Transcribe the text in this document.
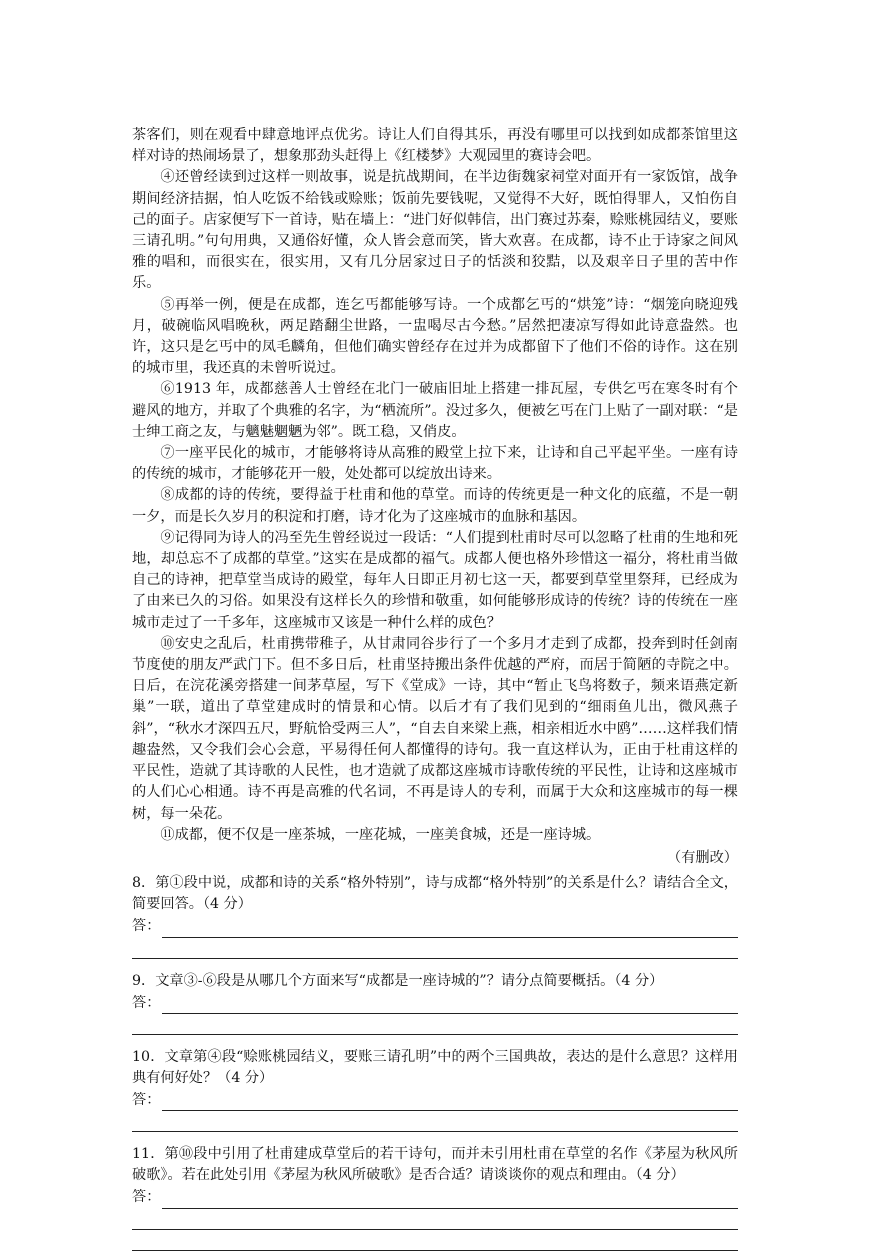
茶客们，则在观看中肆意地评点优劣。诗让人们自得其乐，再没有哪里可以找到如成都茶馆里这样对诗的热闹场景了，想象那劲头赶得上《红楼梦》大观园里的赛诗会吧。

④还曾经读到过这样一则故事，说是抗战期间，在半边街魏家祠堂对面开有一家饭馆，战争期间经济拮据，怕人吃饭不给钱或赊账；饭前先要钱呢，又觉得不大好，既怕得罪人，又怕伤自己的面子。店家便写下一首诗，贴在墙上：“进门好似韩信，出门赛过苏秦，赊账桃园结义，要账三请孔明。”句句用典，又通俗好懂，众人皆会意而笑，皆大欢喜。在成都，诗不止于诗家之间风雅的唱和，而很实在，很实用，又有几分居家过日子的恬淡和狡黠，以及艰辛日子里的苦中作乐。

⑤再举一例，便是在成都，连乞丐都能够写诗。一个成都乞丐的“烘笼”诗：“烟笼向晓迎残月，破碗临风唱晚秋，两足踏翻尘世路，一盅喝尽古今愁。”居然把凄凉写得如此诗意盎然。也许，这只是乞丐中的凤毛麟角，但他们确实曾经存在过并为成都留下了他们不俗的诗作。这在别的城市里，我还真的未曾听说过。

⑥1913 年，成都慈善人士曾经在北门一破庙旧址上搭建一排瓦屋，专供乞丐在寒冬时有个避风的地方，并取了个典雅的名字，为“栖流所”。没过多久，便被乞丐在门上贴了一副对联：“是士绅工商之友，与魑魅魍魉为邻”。既工稳，又俏皮。

⑦一座平民化的城市，才能够将诗从高雅的殿堂上拉下来，让诗和自己平起平坐。一座有诗的传统的城市，才能够花开一般，处处都可以绽放出诗来。

⑧成都的诗的传统，要得益于杜甫和他的草堂。而诗的传统更是一种文化的底蕴，不是一朝一夕，而是长久岁月的积淀和打磨，诗才化为了这座城市的血脉和基因。

⑨记得同为诗人的冯至先生曾经说过一段话：“人们提到杜甫时尽可以忽略了杜甫的生地和死地，却总忘不了成都的草堂。”这实在是成都的福气。成都人便也格外珍惜这一福分，将杜甫当做自己的诗神，把草堂当成诗的殿堂，每年人日即正月初七这一天，都要到草堂里祭拜，已经成为了由来已久的习俗。如果没有这样长久的珍惜和敬重，如何能够形成诗的传统？诗的传统在一座城市走过了一千多年，这座城市又该是一种什么样的成色？

⑩安史之乱后，杜甫携带稚子，从甘肃同谷步行了一个多月才走到了成都，投奔到时任剑南节度使的朋友严武门下。但不多日后，杜甫坚持搬出条件优越的严府，而居于简陋的寺院之中。日后，在浣花溪旁搭建一间茅草屋，写下《堂成》一诗，其中“暂止飞鸟将数子，频来语燕定新巢”一联，道出了草堂建成时的情景和心情。以后才有了我们见到的“细雨鱼儿出，微风燕子斜”，“秋水才深四五尺，野航恰受两三人”，“自去自来梁上燕，相亲相近水中鸥”……这样我们情趣盎然，又令我们会心会意，平易得任何人都懂得的诗句。我一直这样认为，正由于杜甫这样的平民性，造就了其诗歌的人民性，也才造就了成都这座城市诗歌传统的平民性，让诗和这座城市的人们心心相通。诗不再是高雅的代名词，不再是诗人的专利，而属于大众和这座城市的每一棵树，每一朵花。

⑪成都，便不仅是一座茶城，一座花城，一座美食城，还是一座诗城。

（有删改）

8．第①段中说，成都和诗的关系“格外特别”，诗与成都“格外特别”的关系是什么？请结合全文，简要回答。（4 分）

答：

9．文章③-⑥段是从哪几个方面来写“成都是一座诗城的”？请分点简要概括。（4 分）

答：

10．文章第④段“赊账桃园结义，要账三请孔明”中的两个三国典故，表达的是什么意思？这样用典有何好处？（4 分）

答：

11．第⑩段中引用了杜甫建成草堂后的若干诗句，而并未引用杜甫在草堂的名作《茅屋为秋风所破歌》。若在此处引用《茅屋为秋风所破歌》是否合适？请谈谈你的观点和理由。（4 分）

答：
